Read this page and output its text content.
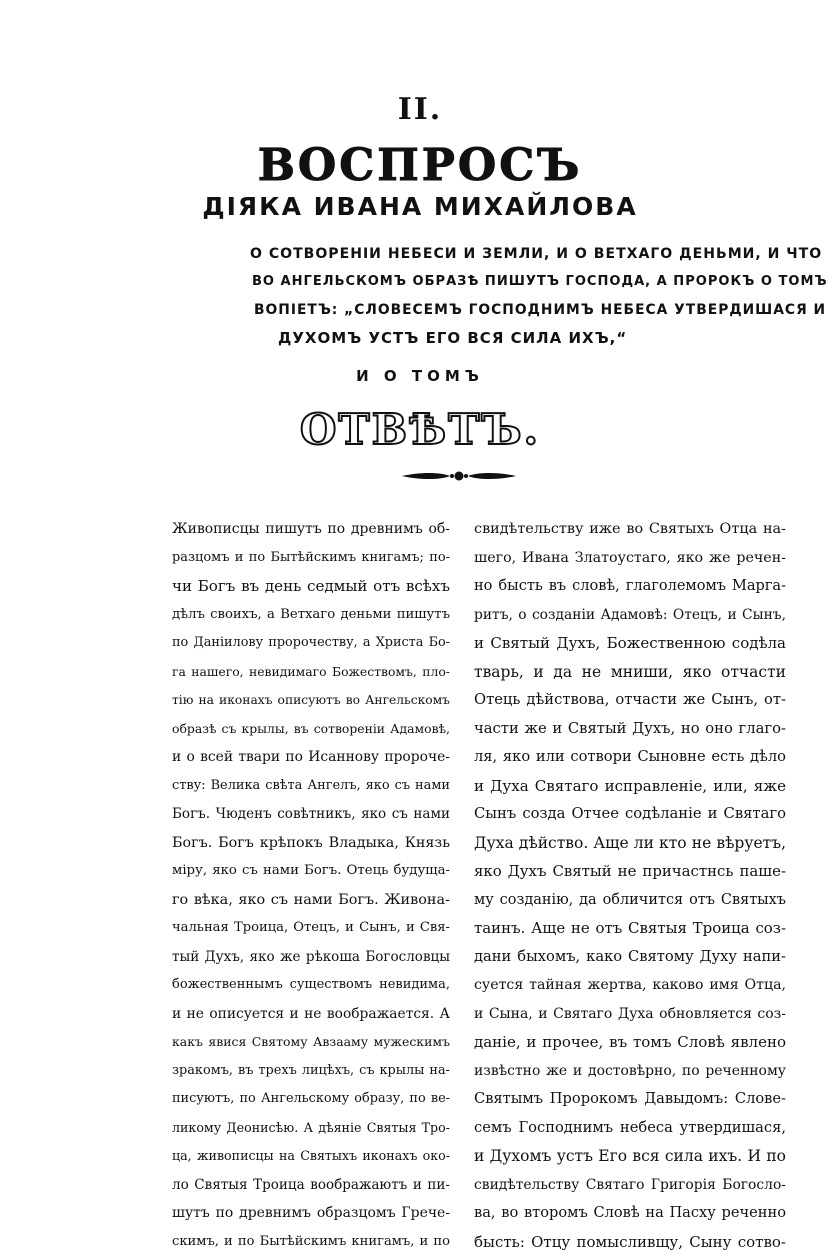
II.
ВОСПРОСЪ
ДІЯКА ИВАНА МИХАЙЛОВА
О СОТВОРЕНІИ НЕБЕСИ И ЗЕМЛИ, И О ВЕТХАГО ДЕНЬМИ, И ЧТО
ВО АНГЕЛЬСКОМЪ ОБРАЗѢ ПИШУТЪ ГОСПОДА, А ПРОРОКЪ О ТОМЪ
ВОПІЕТЪ: „СЛОВЕСЕМЪ ГОСПОДНИМЪ НЕБЕСА УТВЕРДИШАСЯ И
ДУХОМЪ УСТЪ ЕГО ВСЯ СИЛА ИХЪ,“
И О ТОМЪ
ОТВѢТЪ.
Живописцы пишутъ по древнимъ об-
разцомъ и по Бытѣйскимъ книгамъ; по-
чи Богъ въ день седмый отъ всѣхъ
дѣлъ своихъ, а Ветхаго деньми пишутъ
по Даніилову пророчеству, а Христа Бо-
га нашего, невидимаго Божествомъ, пло-
тію на иконахъ описуютъ во Ангельскомъ
образѣ съ крылы, въ сотвореніи Адамовѣ,
и о всей твари по Исаннову пророче-
ству: Велика свѣта Ангелъ, яко съ нами
Богъ. Чюденъ совѣтникъ, яко съ нами
Богъ. Богъ крѣпокъ Владыка, Князь
міру, яко съ нами Богъ. Отець будуща-
го вѣка, яко съ нами Богъ. Живона-
чальная Троица, Отецъ, и Сынъ, и Свя-
тый Духъ, яко же рѣкоша Богословцы
божественнымъ существомъ невидима,
и не описуется и не воображается. А
какъ явися Святому Авзааму мужескимъ
зракомъ, въ трехъ лицѣхъ, съ крылы на-
писуютъ, по Ангельскому образу, по ве-
ликому Деонисѣю. А дѣяніе Святыя Тро-
ца, живописцы на Святыхъ иконахъ око-
ло Святыя Троица воображаютъ и пи-
шутъ по древнимъ образцомъ Грече-
скимъ, и по Бытѣйскимъ книгамъ, и по
свидѣтельству иже во Святыхъ Отца на-
шего, Ивана Златоустаго, яко же речен-
но бысть въ словѣ, глаголемомъ Марга-
ритъ, о созданіи Адамовѣ: Отецъ, и Сынъ,
и Святый Духъ, Божественною содѣла
тварь, и да не мниши, яко отчасти
Отець дѣйствова, отчасти же Сынъ, от-
части же и Святый Духъ, но оно глаго-
ля, яко или сотвори Сыновне есть дѣло
и Духа Святаго исправленіе, или, яже
Сынъ созда Отчее содѣланіе и Святаго
Духа дѣйство. Аще ли кто не вѣруетъ,
яко Духъ Святый не причастнсь паше-
му созданію, да обличится отъ Святыхъ
таинъ. Аще не отъ Святыя Троица соз-
дани быхомъ, како Святому Духу напи-
суется тайная жертва, каково имя Отца,
и Сына, и Святаго Духа обновляется соз-
даніе, и прочее, въ томъ Словѣ явлено
извѣстно же и достовѣрно, по реченному
Святымъ Пророкомъ Давыдомъ: Слове-
семъ Господнимъ небеса утвердишася,
и Духомъ устъ Его вся сила ихъ. И по
свидѣтельству Святаго Григорія Богосло-
ва, во второмъ Словѣ на Пасху реченно
бысть: Отцу помысливщу, Сыну сотво-
